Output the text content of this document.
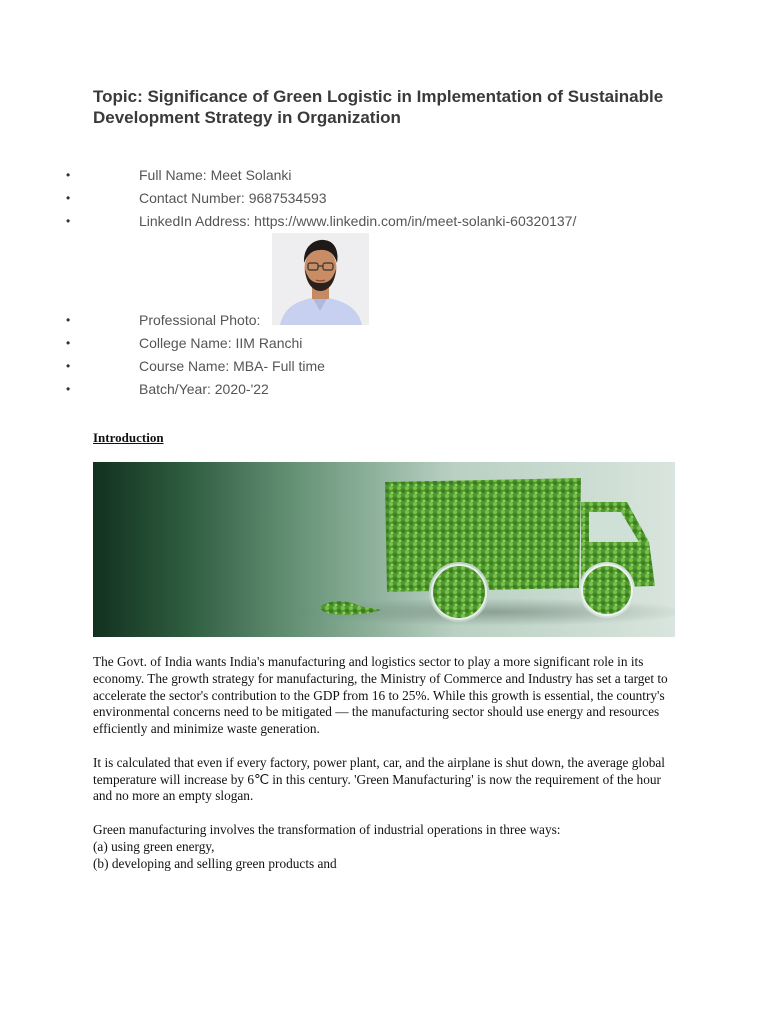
Topic: Significance of Green Logistic in Implementation of Sustainable Development Strategy in Organization
•	Full Name: Meet Solanki
•	Contact Number: 9687534593
•	LinkedIn Address: https://www.linkedin.com/in/meet-solanki-60320137/
•	Professional Photo:
•	College Name: IIM Ranchi
•	Course Name: MBA- Full time
•	Batch/Year: 2020-'22
Introduction

The Govt. of India wants India's manufacturing and logistics sector to play a more significant role in its economy. The growth strategy for manufacturing, the Ministry of Commerce and Industry has set a target to accelerate the sector's contribution to the GDP from 16 to 25%. While this growth is essential, the country's environmental concerns need to be mitigated — the manufacturing sector should use energy and resources efficiently and minimize waste generation.

It is calculated that even if every factory, power plant, car, and the airplane is shut down, the average global temperature will increase by 6℃ in this century. 'Green Manufacturing' is now the requirement of the hour and no more an empty slogan.

Green manufacturing involves the transformation of industrial operations in three ways:

(a) using green energy,

(b) developing and selling green products and
